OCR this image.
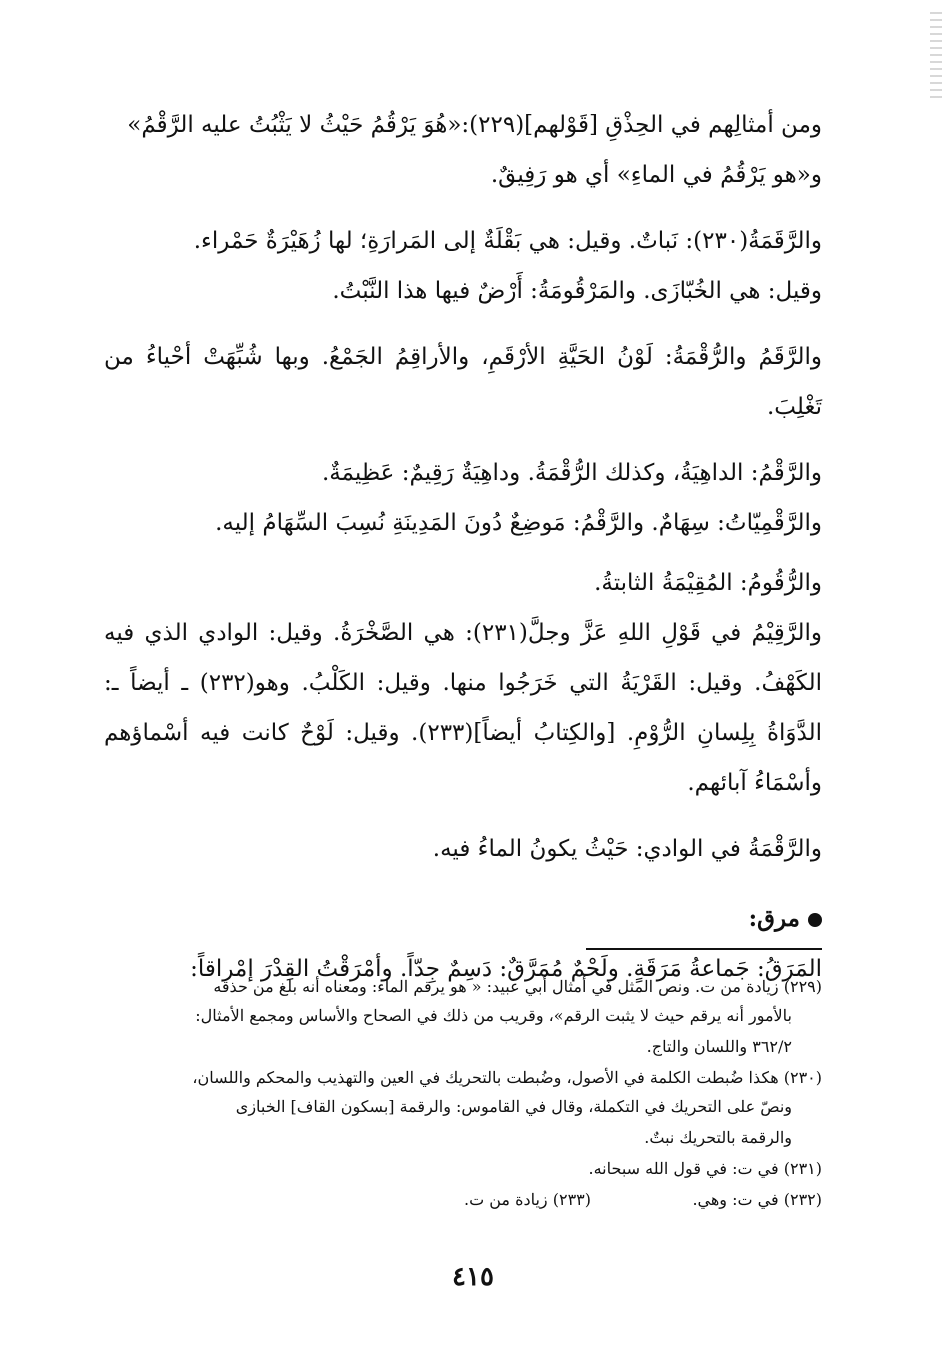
ومن أمثالِهم في الحِذْقِ [قَوْلهم](٢٢٩):«هُوَ يَرْقُمُ حَيْثُ لا يَثْبُتُ عليه الرَّقْمُ»
و«هو يَرْقُمُ في الماءِ» أي هو رَفِيقٌ.

والرَّقَمَةُ(٢٣٠): نَباتٌ. وقيل: هي بَقْلَةٌ إلى المَرارَةِ؛ لها زُهَيْرَةٌ حَمْراء.
وقيل: هي الخُبّازَى. والمَرْقُومَةُ: أَرْضٌ فيها هذا النَّبْتُ.

والرَّقَمُ والرُّقْمَةُ: لَوْنُ الحَيَّةِ الأرْقَمِ، والأراقِمُ الجَمْعُ. وبها شُبِّهَتْ أحْياءُ من تَغْلِبَ.

والرَّقْمُ: الداهِيَةُ، وكذلك الرُّقْمَةُ. وداهِيَةٌ رَقِيمٌ: عَظِيمَةٌ.
والرَّقْمِيّاتُ: سِهَامٌ. والرَّقْمُ: مَوضِعٌ دُونَ المَدِينَةِ نُسِبَ السِّهَامُ إليه.

والرُّقُومُ: المُقِيْمَةُ الثابتةُ.

والرَّقِيْمُ في قَوْلِ اللهِ عَزَّ وجلَّ(٢٣١): هي الصَّخْرَةُ. وقيل: الوادي الذي فيه الكَهْفُ. وقيل: القَرْيَةُ التي خَرَجُوا منها. وقيل: الكَلْبُ. وهو(٢٣٢) ـ أيضاً ـ: الدَّوَاةُ بِلِسانِ الرُّوْمِ. [والكِتابُ أيضاً](٢٣٣). وقيل: لَوْحٌ كانت فيه أسْماؤهم وأسْمَاءُ آبائهم.

والرَّقْمَةُ في الوادي: حَيْثُ يكونُ الماءُ فيه.

مرق:

المَرَقُ: جَماعةُ مَرَقَةٍ. ولَحْمٌ مُمَرَّقٌ: دَسِمٌ جِدّاً. وأمْرَقْتُ القِدْرَ إمْراقاً:

(٢٢٩) زيادة من ت. ونص المثل في أمثال أبي عبيد: « هو يرقم الماء: ومعناه أنه بلغ من حذقه
بالأمور أنه يرقم حيث لا يثبت الرقم»، وقريب من ذلك في الصحاح والأساس ومجمع الأمثال:
٣٦٢/٢ واللسان والتاج.

(٢٣٠) هكذا ضُبطت الكلمة في الأصول، وضُبطت بالتحريك في العين والتهذيب والمحكم واللسان،
ونصّ على التحريك في التكملة، وقال في القاموس: والرقمة [بسكون القاف] الخبازى
والرقمة بالتحريك نبتٌ.

(٢٣١) في ت: في قول الله سبحانه.

(٢٣٢) في ت: وهي.

(٢٣٣) زيادة من ت.

٤١٥
